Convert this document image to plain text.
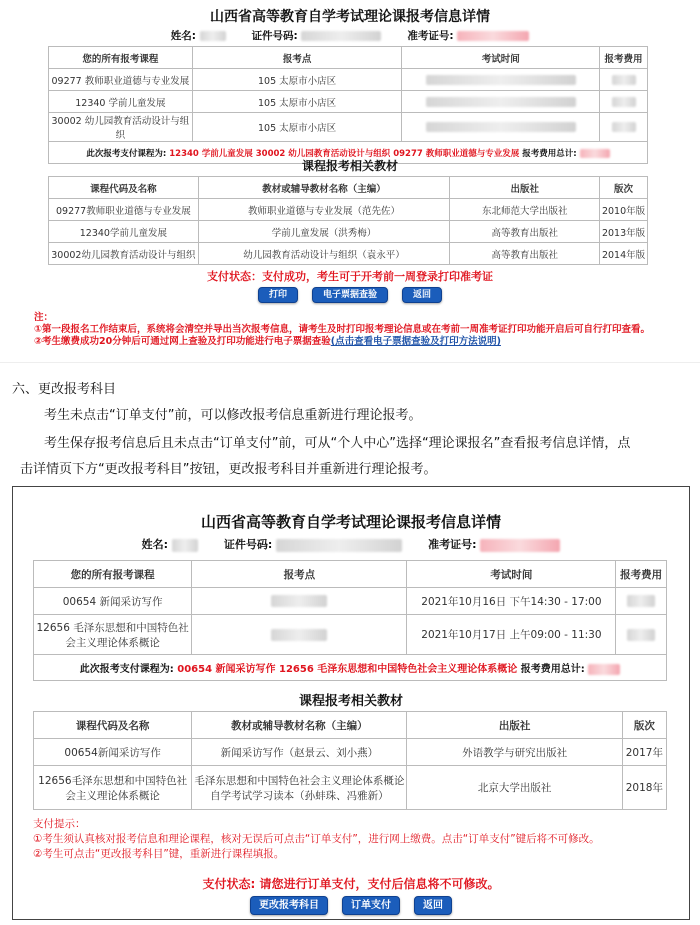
山西省高等教育自学考试理论课报考信息详情
姓名:	证件号码:	准考证号:
您的所有报考课程	报考点	考试时间	报考费用
09277 教师职业道德与专业发展	105 太原市小店区		
12340 学前儿童发展	105 太原市小店区		
30002 幼儿园教育活动设计与组织	105 太原市小店区		
此次报考支付课程为: 12340 学前儿童发展 30002 幼儿园教育活动设计与组织 09277 教师职业道德与专业发展 报考费用总计:			
课程报考相关教材
课程代码及名称	教材或辅导教材名称（主编）	出版社	版次
09277教师职业道德与专业发展	教师职业道德与专业发展（范先佐）	东北师范大学出版社	2010年版
12340学前儿童发展	学前儿童发展（洪秀梅）	高等教育出版社	2013年版
30002幼儿园教育活动设计与组织	幼儿园教育活动设计与组织（袁永平）	高等教育出版社	2014年版
支付状态：支付成功，考生可于开考前一周登录打印准考证
打印	电子票据查验	返回
注：
①第一段报名工作结束后，系统将会清空并导出当次报考信息，请考生及时打印报考理论信息或在考前一周准考证打印功能开启后可自行打印查看。
②考生缴费成功20分钟后可通过网上查验及打印功能进行电子票据查验(点击查看电子票据查验及打印方法说明)
六、更改报考科目
考生未点击“订单支付”前，可以修改报考信息重新进行理论报考。
考生保存报考信息后且未点击“订单支付”前，可从“个人中心”选择“理论课报名”查看报考信息详情，点
击详情页下方“更改报考科目”按钮，更改报考科目并重新进行理论报考。
山西省高等教育自学考试理论课报考信息详情
姓名:	证件号码:	准考证号:
您的所有报考课程	报考点	考试时间	报考费用
00654 新闻采访写作		2021年10月16日 下午14:30 - 17:00	
12656 毛泽东思想和中国特色社会主义理论体系概论		2021年10月17日 上午09:00 - 11:30	
此次报考支付课程为: 00654 新闻采访写作 12656 毛泽东思想和中国特色社会主义理论体系概论 报考费用总计:			
课程报考相关教材
课程代码及名称	教材或辅导教材名称（主编）	出版社	版次
00654新闻采访写作	新闻采访写作（赵景云、刘小燕）	外语教学与研究出版社	2017年
12656毛泽东思想和中国特色社会主义理论体系概论	毛泽东思想和中国特色社会主义理论体系概论自学考试学习读本（孙蚌珠、冯雅新）	北京大学出版社	2018年
支付提示：
①考生须认真核对报考信息和理论课程，核对无误后可点击“订单支付”，进行网上缴费。点击“订单支付”键后将不可修改。
②考生可点击“更改报考科目”键，重新进行课程填报。
支付状态: 请您进行订单支付，支付后信息将不可修改。
更改报考科目	订单支付	返回
